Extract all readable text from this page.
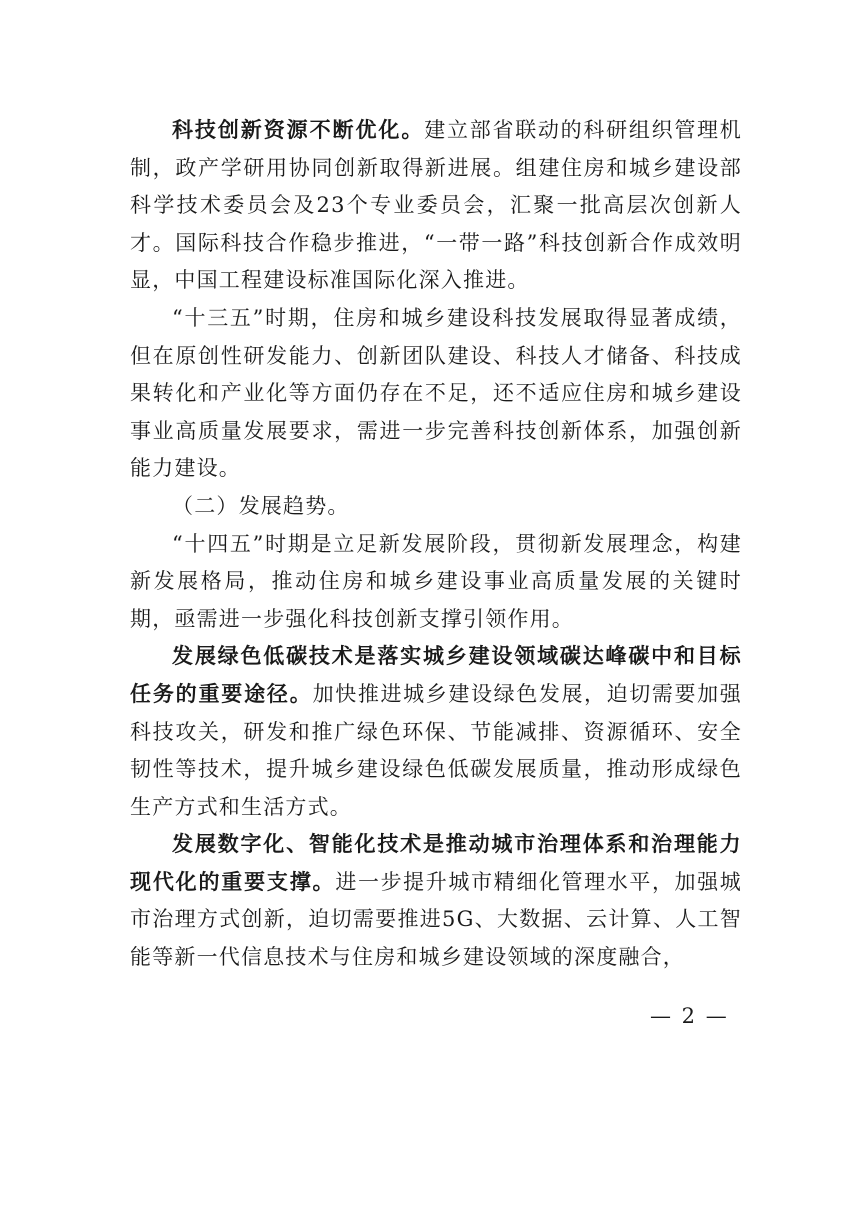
科技创新资源不断优化。建立部省联动的科研组织管理机制，政产学研用协同创新取得新进展。组建住房和城乡建设部科学技术委员会及23个专业委员会，汇聚一批高层次创新人才。国际科技合作稳步推进，“一带一路”科技创新合作成效明显，中国工程建设标准国际化深入推进。

“十三五”时期，住房和城乡建设科技发展取得显著成绩，但在原创性研发能力、创新团队建设、科技人才储备、科技成果转化和产业化等方面仍存在不足，还不适应住房和城乡建设事业高质量发展要求，需进一步完善科技创新体系，加强创新能力建设。

（二）发展趋势。

“十四五”时期是立足新发展阶段，贯彻新发展理念，构建新发展格局，推动住房和城乡建设事业高质量发展的关键时期，亟需进一步强化科技创新支撑引领作用。

发展绿色低碳技术是落实城乡建设领域碳达峰碳中和目标任务的重要途径。加快推进城乡建设绿色发展，迫切需要加强科技攻关，研发和推广绿色环保、节能减排、资源循环、安全韧性等技术，提升城乡建设绿色低碳发展质量，推动形成绿色生产方式和生活方式。

发展数字化、智能化技术是推动城市治理体系和治理能力现代化的重要支撑。进一步提升城市精细化管理水平，加强城市治理方式创新，迫切需要推进5G、大数据、云计算、人工智能等新一代信息技术与住房和城乡建设领域的深度融合，

— 2 —
